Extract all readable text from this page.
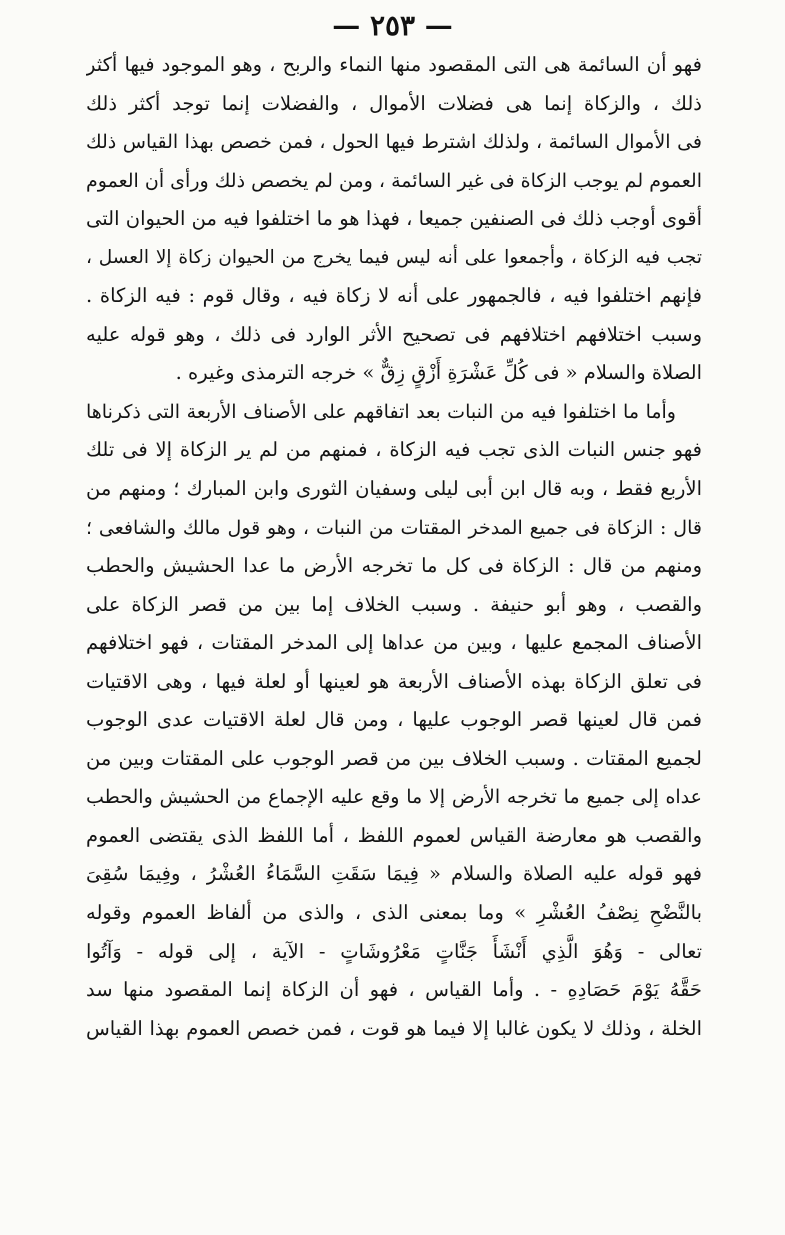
— ٢٥٣ —
فهو أن السائمة هى التى المقصود منها النماء والربح ، وهو الموجود فيها أكثر
ذلك ، والزكاة إنما هى فضلات الأموال ، والفضلات إنما توجد أكثر ذلك
فى الأموال السائمة ، ولذلك اشترط فيها الحول ، فمن خصص بهذا القياس ذلك
العموم لم يوجب الزكاة فى غير السائمة ، ومن لم يخصص ذلك ورأى أن العموم
أقوى أوجب ذلك فى الصنفين جميعا ، فهذا هو ما اختلفوا فيه من الحيوان التى
تجب فيه الزكاة ، وأجمعوا على أنه ليس فيما يخرج من الحيوان زكاة إلا العسل ،
فإنهم اختلفوا فيه ، فالجمهور على أنه لا زكاة فيه ، وقال قوم : فيه الزكاة .
وسبب اختلافهم اختلافهم فى تصحيح الأثر الوارد فى ذلك ، وهو قوله عليه
الصلاة والسلام « فى كُلِّ عَشْرَةِ أَزْقٍ زِقٌّ » خرجه الترمذى وغيره .
وأما ما اختلفوا فيه من النبات بعد اتفاقهم على الأصناف الأربعة التى ذكرناها
فهو جنس النبات الذى تجب فيه الزكاة ، فمنهم من لم ير الزكاة إلا فى تلك
الأربع فقط ، وبه قال ابن أبى ليلى وسفيان الثورى وابن المبارك ؛ ومنهم من
قال : الزكاة فى جميع المدخر المقتات من النبات ، وهو قول مالك والشافعى ؛
ومنهم من قال : الزكاة فى كل ما تخرجه الأرض ما عدا الحشيش والحطب
والقصب ، وهو أبو حنيفة . وسبب الخلاف إما بين من قصر الزكاة على
الأصناف المجمع عليها ، وبين من عداها إلى المدخر المقتات ، فهو اختلافهم
فى تعلق الزكاة بهذه الأصناف الأربعة هو لعينها أو لعلة فيها ، وهى الاقتيات
فمن قال لعينها قصر الوجوب عليها ، ومن قال لعلة الاقتيات عدى الوجوب
لجميع المقتات . وسبب الخلاف بين من قصر الوجوب على المقتات وبين من
عداه إلى جميع ما تخرجه الأرض إلا ما وقع عليه الإجماع من الحشيش والحطب
والقصب هو معارضة القياس لعموم اللفظ ، أما اللفظ الذى يقتضى العموم
فهو قوله عليه الصلاة والسلام « فِيمَا سَقَتِ السَّمَاءُ العُشْرُ ، وفِيمَا سُقِىَ
بالنَّضْحِ نِصْفُ العُشْرِ » وما بمعنى الذى ، والذى من ألفاظ العموم وقوله
تعالى - وَهُوَ الَّذِي أَنْشَأَ جَنَّاتٍ مَعْرُوشَاتٍ - الآية ، إلى قوله - وَآتُوا
حَقَّهُ يَوْمَ حَصَادِهِ - . وأما القياس ، فهو أن الزكاة إنما المقصود منها سد
الخلة ، وذلك لا يكون غالبا إلا فيما هو قوت ، فمن خصص العموم بهذا القياس
